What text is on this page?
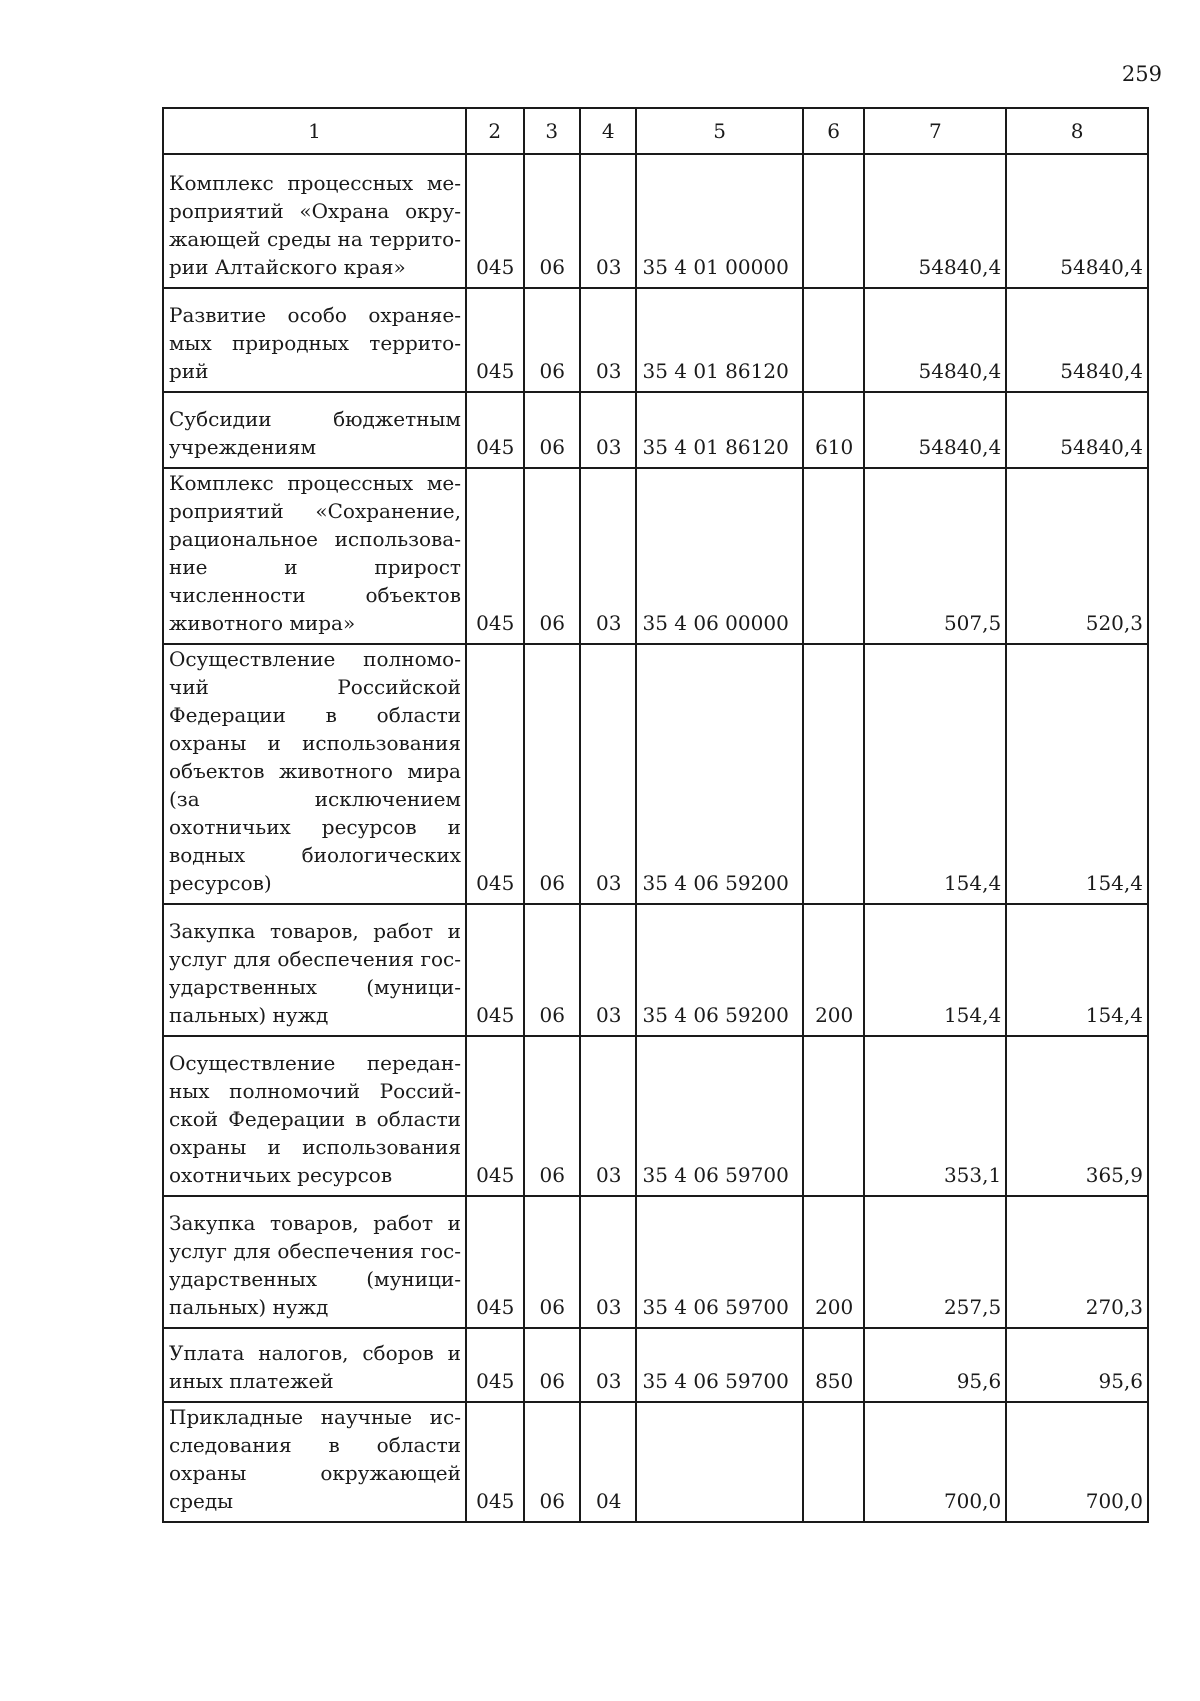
259
1	2	3	4	5	6	7	8
Комплекс процессных мероприятий «Охрана окружающей среды на территории Алтайского края»	045	06	03	35 4 01 00000		54840,4	54840,4
Развитие особо охраняемых природных территорий	045	06	03	35 4 01 86120		54840,4	54840,4
Субсидии бюджетным учреждениям	045	06	03	35 4 01 86120	610	54840,4	54840,4
Комплекс процессных мероприятий «Сохранение, рациональное использование и прирост численности объектов животного мира»	045	06	03	35 4 06 00000		507,5	520,3
Осуществление полномочий Российской Федерации в области охраны и использования объектов животного мира (за исключением охотничьих ресурсов и водных биологических ресурсов)	045	06	03	35 4 06 59200		154,4	154,4
Закупка товаров, работ и услуг для обеспечения государственных (муниципальных) нужд	045	06	03	35 4 06 59200	200	154,4	154,4
Осуществление переданных полномочий Российской Федерации в области охраны и использования охотничьих ресурсов	045	06	03	35 4 06 59700		353,1	365,9
Закупка товаров, работ и услуг для обеспечения государственных (муниципальных) нужд	045	06	03	35 4 06 59700	200	257,5	270,3
Уплата налогов, сборов и иных платежей	045	06	03	35 4 06 59700	850	95,6	95,6
Прикладные научные исследования в области охраны окружающей среды	045	06	04			700,0	700,0
